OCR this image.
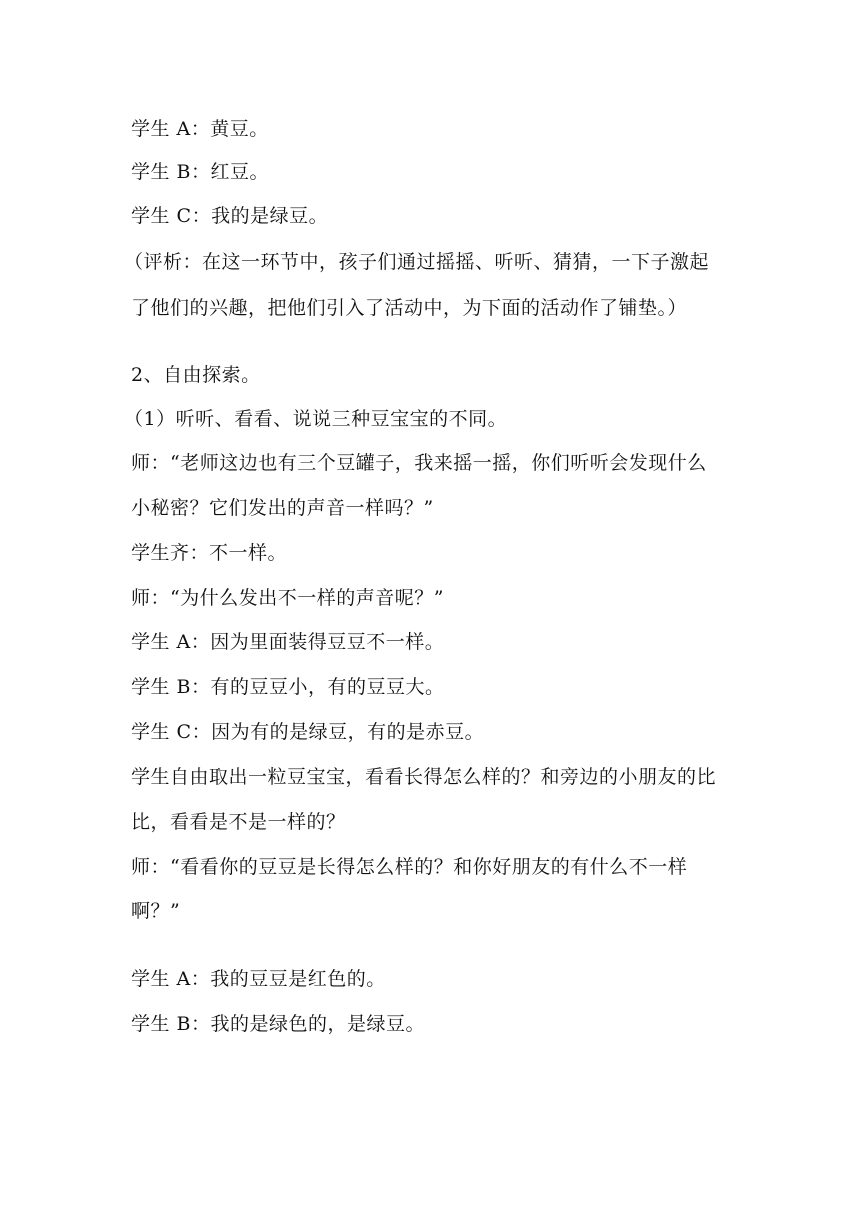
学生 A：黄豆。
学生 B：红豆。
学生 C：我的是绿豆。
（评析：在这一环节中，孩子们通过摇摇、听听、猜猜，一下子激起
了他们的兴趣，把他们引入了活动中，为下面的活动作了铺垫。）
2、自由探索。
（1）听听、看看、说说三种豆宝宝的不同。
师：“老师这边也有三个豆罐子，我来摇一摇，你们听听会发现什么
小秘密？它们发出的声音一样吗？”
学生齐：不一样。
师：“为什么发出不一样的声音呢？”
学生 A：因为里面装得豆豆不一样。
学生 B：有的豆豆小，有的豆豆大。
学生 C：因为有的是绿豆，有的是赤豆。
学生自由取出一粒豆宝宝，看看长得怎么样的？和旁边的小朋友的比
比，看看是不是一样的？
师：“看看你的豆豆是长得怎么样的？和你好朋友的有什么不一样
啊？”
学生 A：我的豆豆是红色的。
学生 B：我的是绿色的，是绿豆。
